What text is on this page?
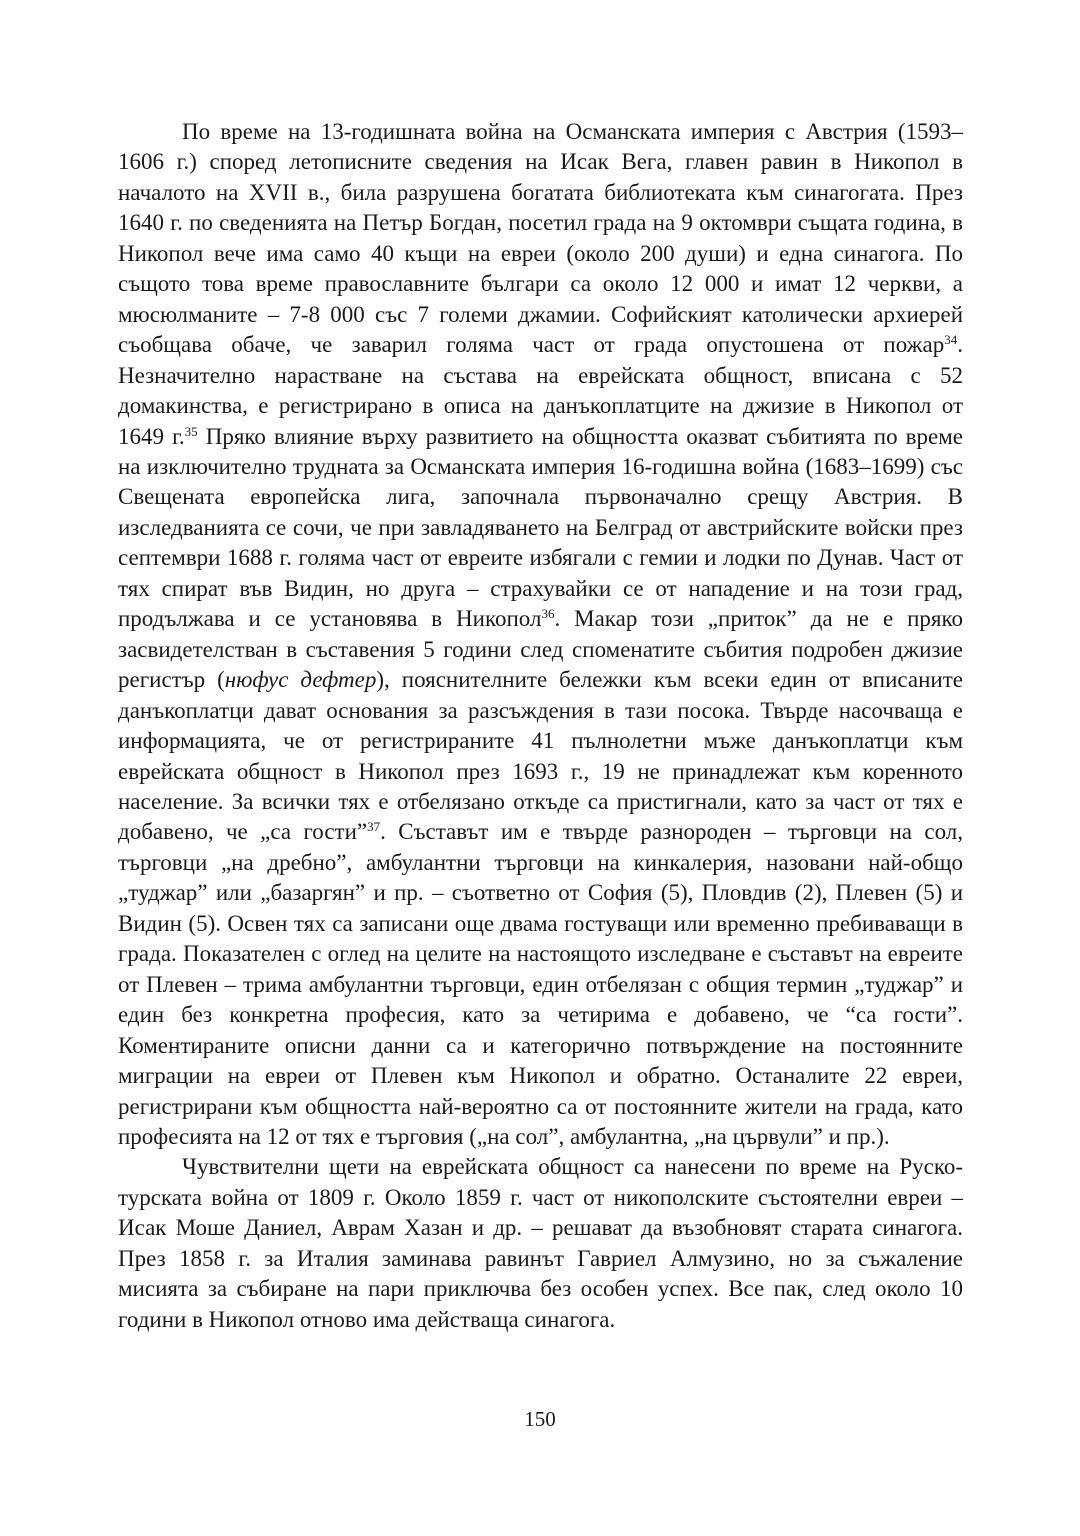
По време на 13-годишната война на Османската империя с Австрия (1593–1606 г.) според летописните сведения на Исак Вега, главен равин в Никопол в началото на XVII в., била разрушена богатата библиотеката към синагогата. През 1640 г. по сведенията на Петър Богдан, посетил града на 9 октомври същата година, в Никопол вече има само 40 къщи на евреи (около 200 души) и една синагога. По същото това време православните българи са около 12 000 и имат 12 черкви, а мюсюлманите – 7-8 000 със 7 големи джамии. Софийският католически архиерей съобщава обаче, че заварил голяма част от града опустошена от пожар$^{34}$. Незначително нарастване на състава на еврейската общност, вписана с 52 домакинства, е регистрирано в описа на данъкоплатците на джизие в Никопол от 1649 г.$^{35}$ Пряко влияние върху развитието на общността оказват събитията по време на изключително трудната за Османската империя 16-годишна война (1683–1699) със Свещената европейска лига, започнала първоначално срещу Австрия. В изследванията се сочи, че при завладяването на Белград от австрийските войски през септември 1688 г. голяма част от евреите избягали с гемии и лодки по Дунав. Част от тях спират във Видин, но друга – страхувайки се от нападение и на този град, продължава и се установява в Никопол$^{36}$. Макар този „приток” да не е пряко засвидетелстван в съставения 5 години след споменатите събития подробен джизие регистър (нюфус дефтер), пояснителните бележки към всеки един от вписаните данъкоплатци дават основания за разсъждения в тази посока. Твърде насочваща е информацията, че от регистрираните 41 пълнолетни мъже данъкоплатци към еврейската общност в Никопол през 1693 г., 19 не принадлежат към коренното население. За всички тях е отбелязано откъде са пристигнали, като за част от тях е добавено, че „са гости”$^{37}$. Съставът им е твърде разнороден – търговци на сол, търговци „на дребно”, амбулантни търговци на кинкалерия, назовани най-общо „туджар” или „базаргян” и пр. – съответно от София (5), Пловдив (2), Плевен (5) и Видин (5). Освен тях са записани още двама гостуващи или временно пребиваващи в града. Показателен с оглед на целите на настоящото изследване е съставът на евреите от Плевен – трима амбулантни търговци, един отбелязан с общия термин „туджар” и един без конкретна професия, като за четирима е добавено, че “са гости”. Коментираните описни данни са и категорично потвърждение на постоянните миграции на евреи от Плевен към Никопол и обратно. Останалите 22 евреи, регистрирани към общността най-вероятно са от постоянните жители на града, като професията на 12 от тях е търговия („на сол”, амбулантна, „на цървули” и пр.).

Чувствителни щети на еврейската общност са нанесени по време на Руско-турската война от 1809 г. Около 1859 г. част от никополските състоятелни евреи – Исак Моше Даниел, Аврам Хазан и др. – решават да възобновят старата синагога. През 1858 г. за Италия заминава равинът Гавриел Алмузино, но за съжаление мисията за събиране на пари приключва без особен успех. Все пак, след около 10 години в Никопол отново има действаща синагога.

150
